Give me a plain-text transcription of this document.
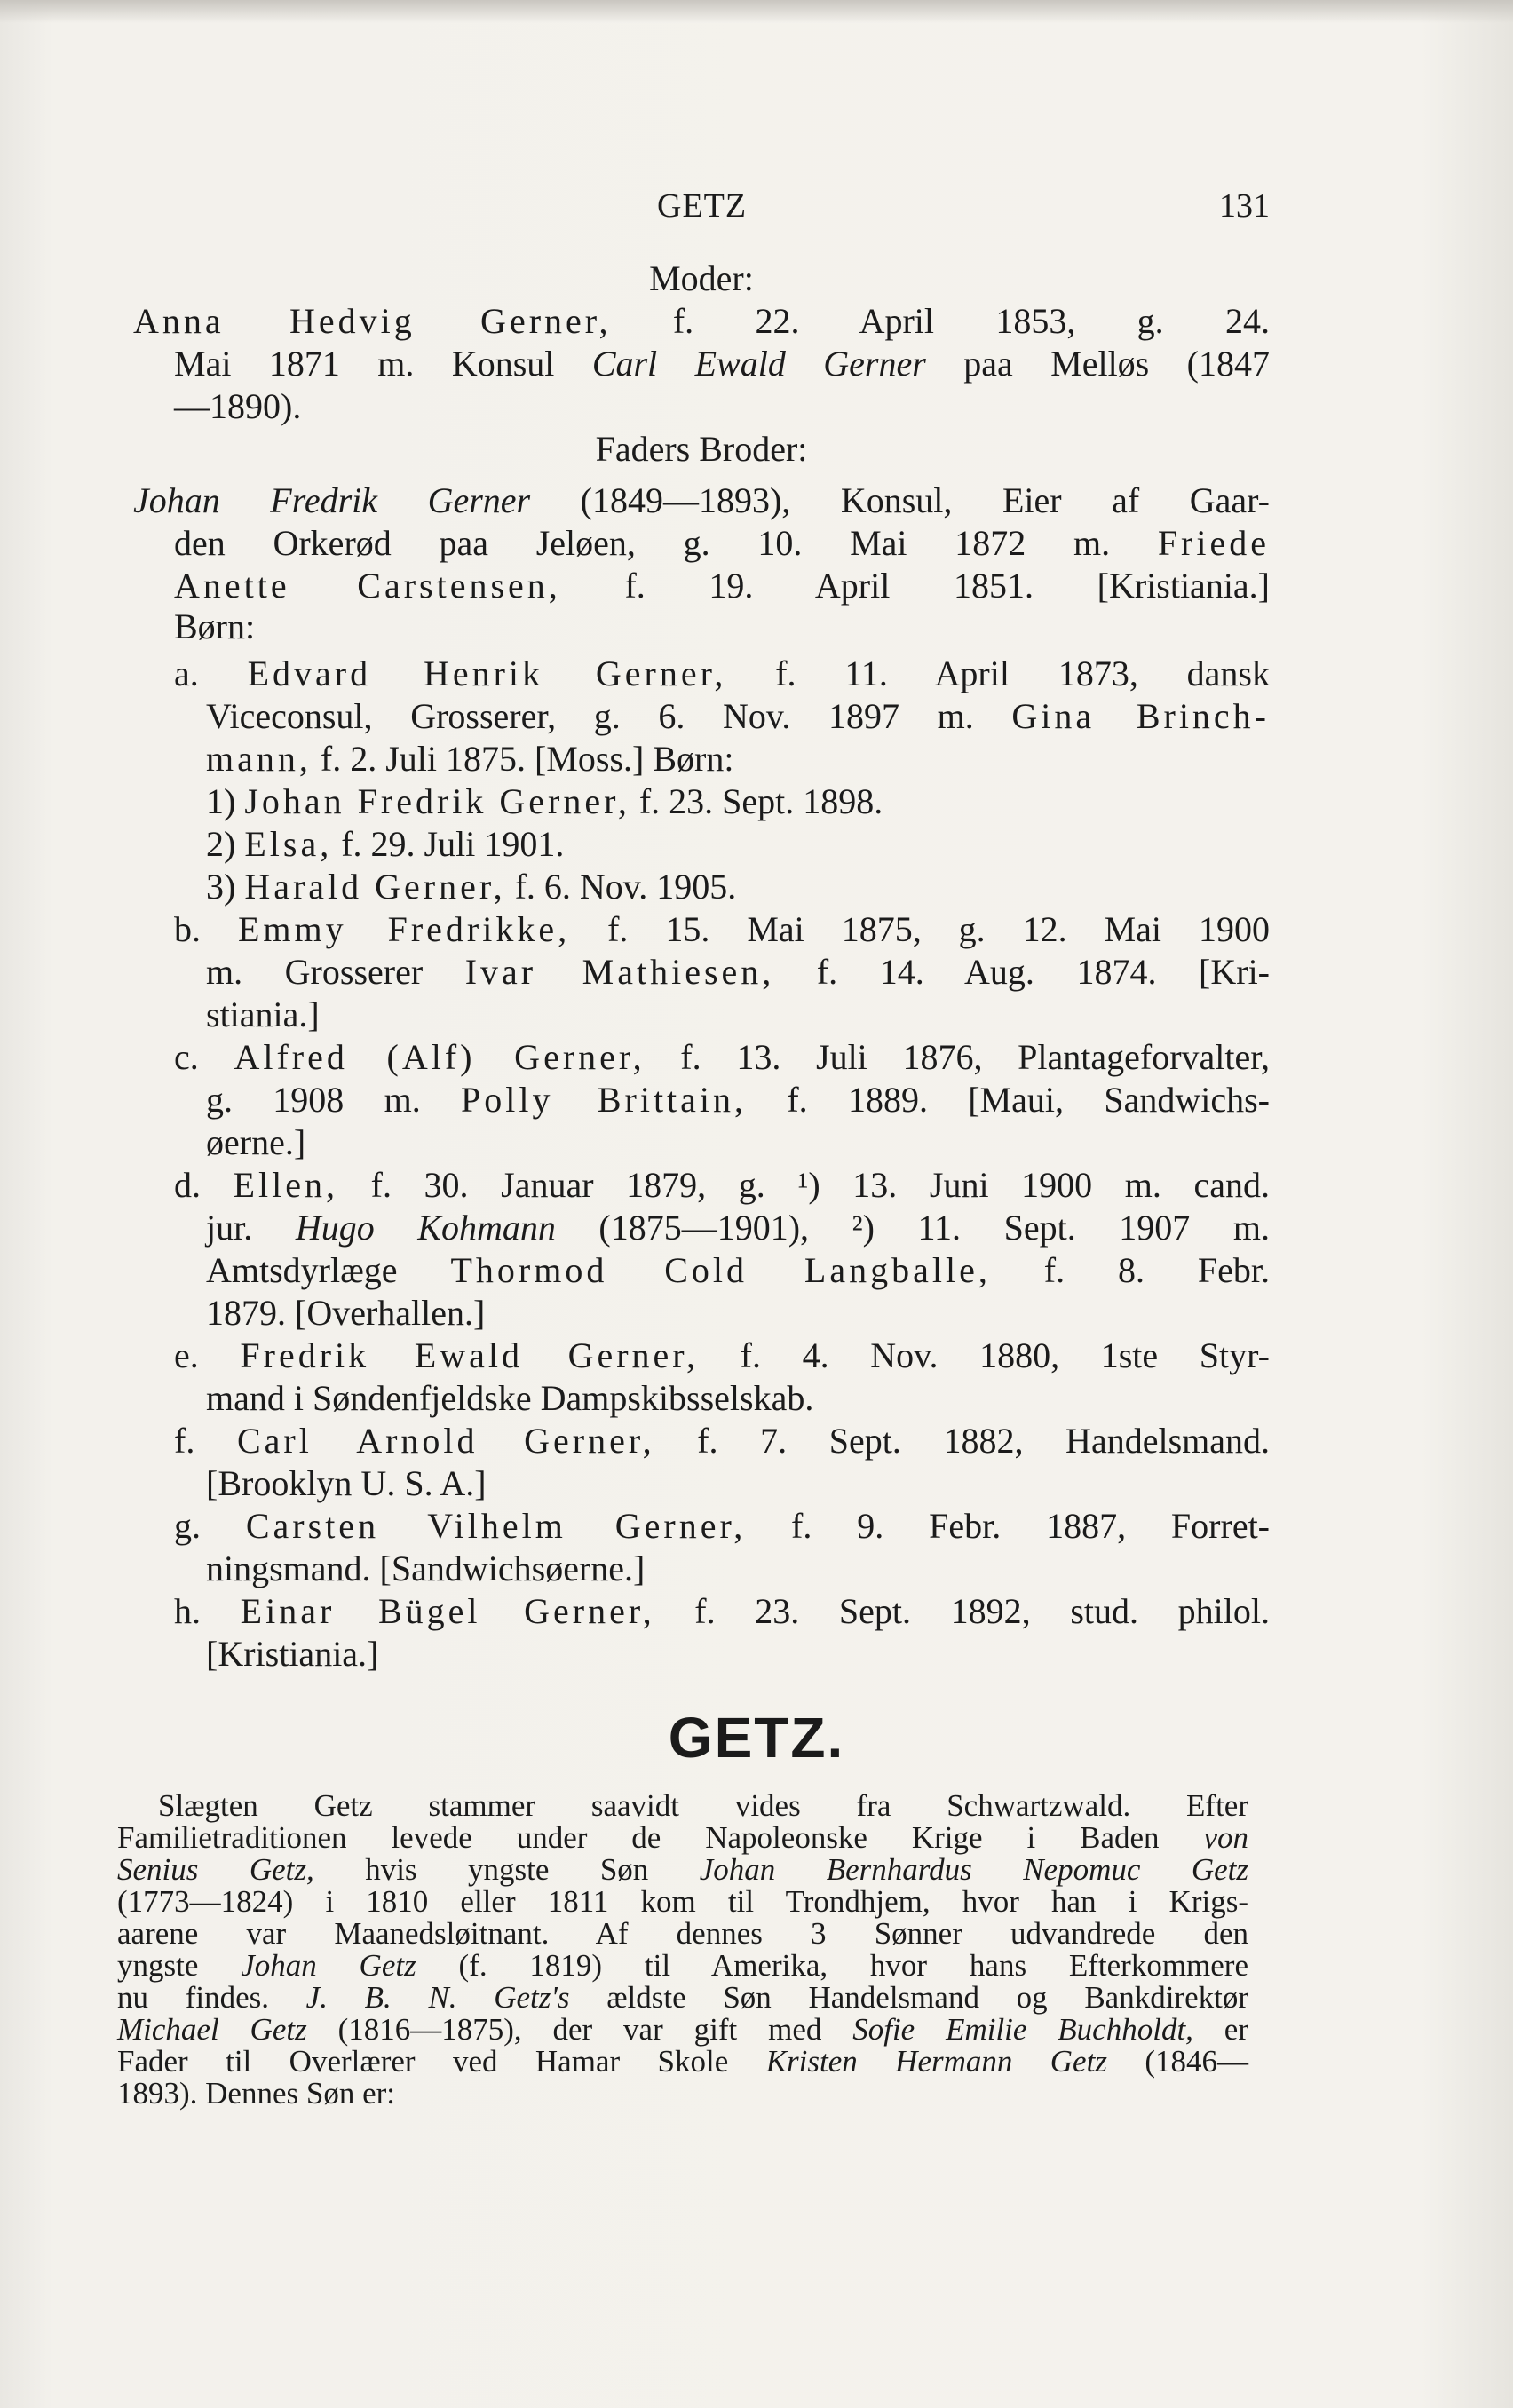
GETZ	131
Moder:
Anna Hedvig Gerner, f. 22. April 1853, g. 24.
Mai 1871 m. Konsul Carl Ewald Gerner paa Melløs (1847
—1890).
Faders Broder:
Johan Fredrik Gerner (1849—1893), Konsul, Eier af Gaar-
den Orkerød paa Jeløen, g. 10. Mai 1872 m. Friede
Anette Carstensen, f. 19. April 1851. [Kristiania.]
Børn:
a. Edvard Henrik Gerner, f. 11. April 1873, dansk
Viceconsul, Grosserer, g. 6. Nov. 1897 m. Gina Brinch-
mann, f. 2. Juli 1875. [Moss.] Børn:
1) Johan Fredrik Gerner, f. 23. Sept. 1898.
2) Elsa, f. 29. Juli 1901.
3) Harald Gerner, f. 6. Nov. 1905.
b. Emmy Fredrikke, f. 15. Mai 1875, g. 12. Mai 1900
m. Grosserer Ivar Mathiesen, f. 14. Aug. 1874. [Kri-
stiania.]
c. Alfred (Alf) Gerner, f. 13. Juli 1876, Plantageforvalter,
g. 1908 m. Polly Brittain, f. 1889. [Maui, Sandwichs-
øerne.]
d. Ellen, f. 30. Januar 1879, g. ¹) 13. Juni 1900 m. cand.
jur. Hugo Kohmann (1875—1901), ²) 11. Sept. 1907 m.
Amtsdyrlæge Thormod Cold Langballe, f. 8. Febr.
1879. [Overhallen.]
e. Fredrik Ewald Gerner, f. 4. Nov. 1880, 1ste Styr-
mand i Søndenfjeldske Dampskibsselskab.
f. Carl Arnold Gerner, f. 7. Sept. 1882, Handelsmand.
[Brooklyn U. S. A.]
g. Carsten Vilhelm Gerner, f. 9. Febr. 1887, Forret-
ningsmand. [Sandwichsøerne.]
h. Einar Bügel Gerner, f. 23. Sept. 1892, stud. philol.
[Kristiania.]
GETZ.
Slægten Getz stammer saavidt vides fra Schwartzwald. Efter
Familietraditionen levede under de Napoleonske Krige i Baden von
Senius Getz, hvis yngste Søn Johan Bernhardus Nepomuc Getz
(1773—1824) i 1810 eller 1811 kom til Trondhjem, hvor han i Krigs-
aarene var Maanedsløitnant. Af dennes 3 Sønner udvandrede den
yngste Johan Getz (f. 1819) til Amerika, hvor hans Efterkommere
nu findes. J. B. N. Getz's ældste Søn Handelsmand og Bankdirektør
Michael Getz (1816—1875), der var gift med Sofie Emilie Buchholdt, er
Fader til Overlærer ved Hamar Skole Kristen Hermann Getz (1846—
1893). Dennes Søn er:
